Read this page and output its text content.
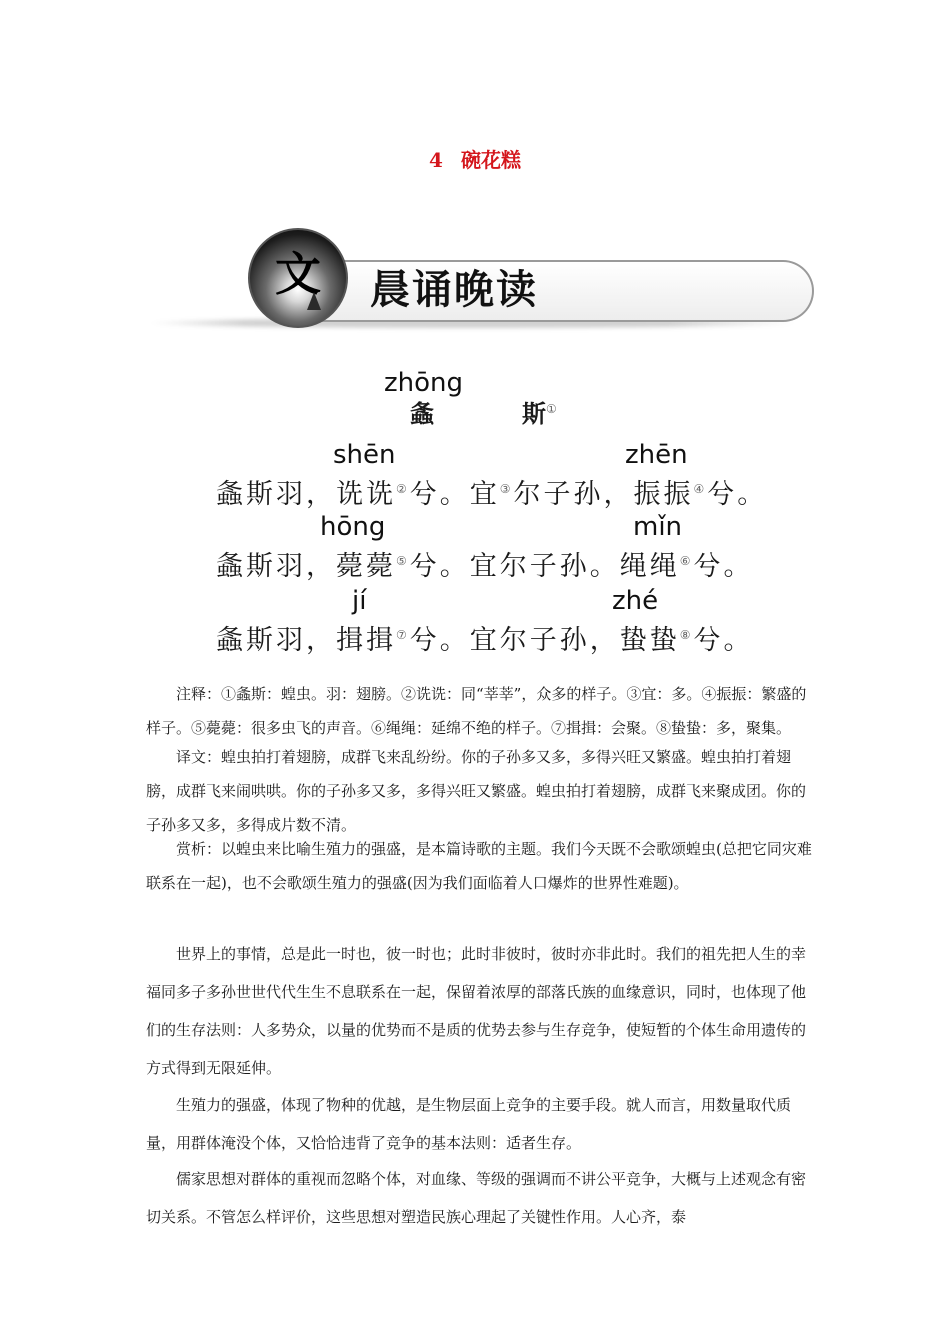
4 碗花糕
文	晨诵晚读
zhōng
螽	斯①
shēn	zhēn
螽斯羽，诜诜②兮。宜③尔子孙，振振④兮。
hōng	mǐn
螽斯羽，薨薨⑤兮。宜尔子孙。绳绳⑥兮。
jí	zhé
螽斯羽，揖揖⑦兮。宜尔子孙，蛰蛰⑧兮。

注释：①螽斯：蝗虫。羽：翅膀。②诜诜：同“莘莘”，众多的样子。③宜：多。④振振：繁盛的样子。⑤薨薨：很多虫飞的声音。⑥绳绳：延绵不绝的样子。⑦揖揖：会聚。⑧蛰蛰：多，聚集。

译文：蝗虫拍打着翅膀，成群飞来乱纷纷。你的子孙多又多，多得兴旺又繁盛。蝗虫拍打着翅膀，成群飞来闹哄哄。你的子孙多又多，多得兴旺又繁盛。蝗虫拍打着翅膀，成群飞来聚成团。你的子孙多又多，多得成片数不清。

赏析：以蝗虫来比喻生殖力的强盛，是本篇诗歌的主题。我们今天既不会歌颂蝗虫(总把它同灾难联系在一起)，也不会歌颂生殖力的强盛(因为我们面临着人口爆炸的世界性难题)。

世界上的事情，总是此一时也，彼一时也；此时非彼时，彼时亦非此时。我们的祖先把人生的幸福同多子多孙世世代代生生不息联系在一起，保留着浓厚的部落氏族的血缘意识，同时，也体现了他们的生存法则：人多势众，以量的优势而不是质的优势去参与生存竞争，使短暂的个体生命用遗传的方式得到无限延伸。

生殖力的强盛，体现了物种的优越，是生物层面上竞争的主要手段。就人而言，用数量取代质量，用群体淹没个体，又恰恰违背了竞争的基本法则：适者生存。

儒家思想对群体的重视而忽略个体，对血缘、等级的强调而不讲公平竞争，大概与上述观念有密切关系。不管怎么样评价，这些思想对塑造民族心理起了关键性作用。人心齐，泰
